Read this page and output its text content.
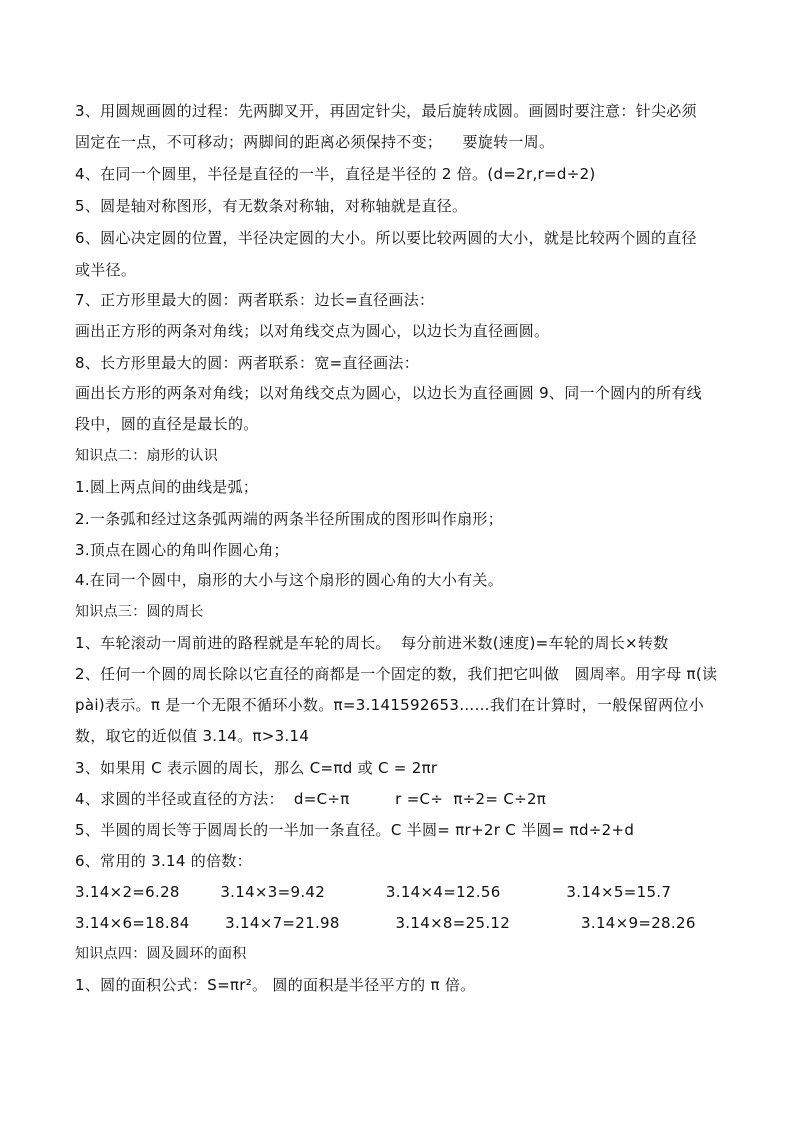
3、用圆规画圆的过程：先两脚叉开，再固定针尖，最后旋转成圆。画圆时要注意：针尖必须
固定在一点，不可移动；两脚间的距离必须保持不变；    要旋转一周。
4、在同一个圆里，半径是直径的一半，直径是半径的 2 倍。(d=2r,r=d÷2)
5、圆是轴对称图形，有无数条对称轴，对称轴就是直径。
6、圆心决定圆的位置，半径决定圆的大小。所以要比较两圆的大小，就是比较两个圆的直径
或半径。
7、正方形里最大的圆：两者联系：边长=直径画法：
画出正方形的两条对角线；以对角线交点为圆心，以边长为直径画圆。
8、长方形里最大的圆：两者联系：宽=直径画法：
画出长方形的两条对角线；以对角线交点为圆心，以边长为直径画圆 9、同一个圆内的所有线
段中，圆的直径是最长的。
知识点二：扇形的认识
1.圆上两点间的曲线是弧；
2.一条弧和经过这条弧两端的两条半径所围成的图形叫作扇形；
3.顶点在圆心的角叫作圆心角；
4.在同一个圆中，扇形的大小与这个扇形的圆心角的大小有关。
知识点三：圆的周长
1、车轮滚动一周前进的路程就是车轮的周长。  每分前进米数(速度)=车轮的周长×转数
2、任何一个圆的周长除以它直径的商都是一个固定的数，我们把它叫做   圆周率。用字母 π(读
pài)表示。π 是一个无限不循环小数。π=3.141592653……我们在计算时，一般保留两位小
数，取它的近似值 3.14。π>3.14
3、如果用 C 表示圆的周长，那么 C=πd 或 C = 2πr
4、求圆的半径或直径的方法：  d=C÷π         r =C÷  π÷2= C÷2π
5、半圆的周长等于圆周长的一半加一条直径。C 半圆= πr+2r C 半圆= πd÷2+d
6、常用的 3.14 的倍数：
3.14×2=6.28        3.14×3=9.42            3.14×4=12.56             3.14×5=15.7
3.14×6=18.84       3.14×7=21.98           3.14×8=25.12              3.14×9=28.26
知识点四：圆及圆环的面积
1、圆的面积公式：S=πr²。 圆的面积是半径平方的 π 倍。
